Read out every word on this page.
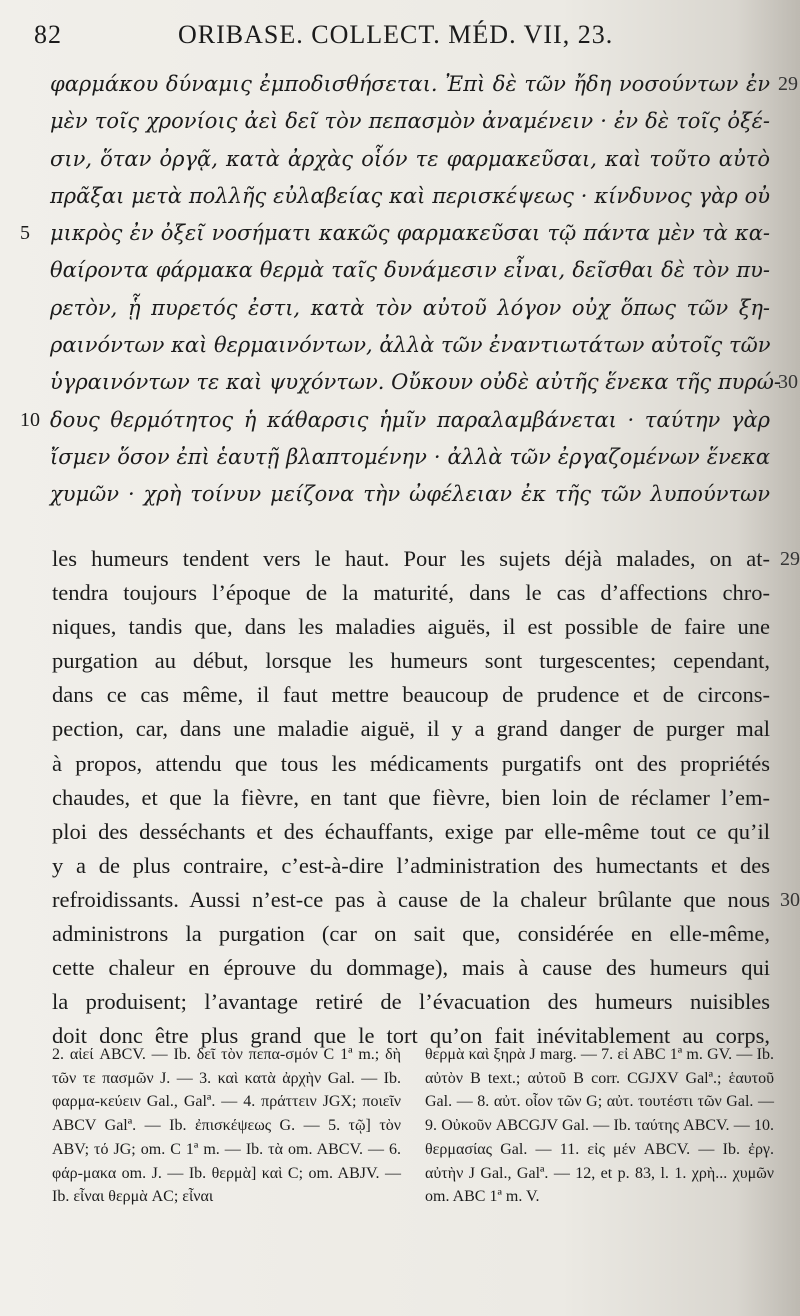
82	ORIBASE. COLLECT. MÉD. VII, 23.
φαρμάκου δύναμις ἐμποδισθήσεται. Ἐπὶ δὲ τῶν ἤδη νοσούντων ἐν 29
μὲν τοῖς χρονίοις ἀεὶ δεῖ τὸν πεπασμὸν ἀναμένειν · ἐν δὲ τοῖς ὀξέ-
σιν, ὅταν ὀργᾷ, κατὰ ἀρχὰς οἷόν τε φαρμακεῦσαι, καὶ τοῦτο αὐτὸ
πρᾶξαι μετὰ πολλῆς εὐλαβείας καὶ περισκέψεως · κίνδυνος γὰρ οὐ
μικρὸς ἐν ὀξεῖ νοσήματι κακῶς φαρμακεῦσαι τῷ πάντα μὲν τὰ κα-
5
θαίροντα φάρμακα θερμὰ ταῖς δυνάμεσιν εἶναι, δεῖσθαι δὲ τὸν πυ-
ρετὸν, ᾗ πυρετός ἐστι, κατὰ τὸν αὐτοῦ λόγον οὐχ ὅπως τῶν ξη-
ραινόντων καὶ θερμαινόντων, ἀλλὰ τῶν ἐναντιωτάτων αὐτοῖς τῶν
ὑγραινόντων τε καὶ ψυχόντων. Οὔκουν οὐδὲ αὐτῆς ἕνεκα τῆς πυρώ-
30
δους θερμότητος ἡ κάθαρσις ἡμῖν παραλαμβάνεται · ταύτην γὰρ
10
ἴσμεν ὅσον ἐπὶ ἑαυτῇ βλαπτομένην · ἀλλὰ τῶν ἐργαζομένων ἕνεκα
χυμῶν · χρὴ τοίνυν μείζονα τὴν ὠφέλειαν ἐκ τῆς τῶν λυπούντων
les humeurs tendent vers le haut. Pour les sujets déjà malades, on at- 29
tendra toujours l’époque de la maturité, dans le cas d’affections chro-
niques, tandis que, dans les maladies aiguës, il est possible de faire une
purgation au début, lorsque les humeurs sont turgescentes; cependant,
dans ce cas même, il faut mettre beaucoup de prudence et de circons-
pection, car, dans une maladie aiguë, il y a grand danger de purger mal
à propos, attendu que tous les médicaments purgatifs ont des propriétés
chaudes, et que la fièvre, en tant que fièvre, bien loin de réclamer l’em-
ploi des desséchants et des échauffants, exige par elle-même tout ce qu’il
y a de plus contraire, c’est-à-dire l’administration des humectants et des
refroidissants. Aussi n’est-ce pas à cause de la chaleur brûlante que nous 30
administrons la purgation (car on sait que, considérée en elle-même,
cette chaleur en éprouve du dommage), mais à cause des humeurs qui
la produisent; l’avantage retiré de l’évacuation des humeurs nuisibles
doit donc être plus grand que le tort qu’on fait inévitablement au corps,

2. αἰεί ABCV. — Ib. δεῖ τὸν πεπα-σμόν C 1ª m.; δὴ τῶν τε πασμῶν J. — 3. καὶ κατὰ ἀρχὴν Gal. — Ib. φαρμα-κεύειν Gal., Galª. — 4. πράττειν JGX; ποιεῖν ABCV Galª. — Ib. ἐπισκέψεως G. — 5. τῷ] τὸν ABV; τό JG; om. C 1ª m. — Ib. τὰ om. ABCV. — 6. φάρ-μακα om. J. — Ib. θερμὰ] καὶ C; om. ABJV. — Ib. εἶναι θερμὰ AC; εἶναι

θερμὰ καὶ ξηρὰ J marg. — 7. εἰ ABC 1ª m. GV. — Ib. αὐτὸν B text.; αὐτοῦ B corr. CGJXV Galª.; ἑαυτοῦ Gal. — 8. αὐτ. οἷον τῶν G; αὐτ. τουτέστι τῶν Gal. — 9. Οὐκοῦν ABCGJV Gal. — Ib. ταύτης ABCV. — 10. θερμασίας Gal. — 11. εἰς μέν ABCV. — Ib. ἐργ. αὐτὴν J Gal., Galª. — 12, et p. 83, l. 1. χρὴ... χυμῶν om. ABC 1ª m. V.
